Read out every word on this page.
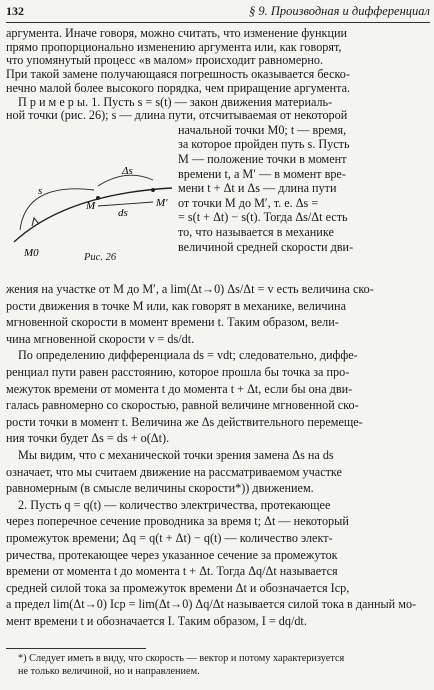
132	§ 9. Производная и дифференциал
аргумента. Иначе говоря, можно считать, что изменение функции
прямо пропорционально изменению аргумента или, как говорят,
что упомянутый процесс «в малом» происходит равномерно.
При такой замене получающаяся погрешность оказывается беско-
нечно малой более высокого порядка, чем приращение аргумента.
П р и м е р ы. 1. Пусть s = s(t) — закон движения материаль-
Δs
ds
s
M	M′
M0	Рис. 26
ной точки (рис. 26); s — длина пути, отсчитываемая от некоторой
начальной точки M0; t — время,
за которое пройден путь s. Пусть
M — положение точки в момент
времени t, а M′ — в момент вре-
мени t + Δt и Δs — длина пути
от точки M до M′, т. е. Δs =
= s(t + Δt) − s(t). Тогда Δs/Δt есть
то, что называется в механике
величиной средней скорости дви-
жения на участке от M до M′, а lim(Δt→0) Δs/Δt = v есть величина ско-
рости движения в точке M или, как говорят в механике, величина
мгновенной скорости в момент времени t. Таким образом, вели-
чина мгновенной скорости v = ds/dt.
По определению дифференциала ds = vdt; следовательно, диффе-
ренциал пути равен расстоянию, которое прошла бы точка за про-
межуток времени от момента t до момента t + Δt, если бы она дви-
галась равномерно со скоростью, равной величине мгновенной ско-
рости точки в момент t. Величина же Δs действительного перемеще-
ния точки будет Δs = ds + o(Δt).
Мы видим, что с механической точки зрения замена Δs на ds
означает, что мы считаем движение на рассматриваемом участке
равномерным (в смысле величины скорости*)) движением.
2. Пусть q = q(t) — количество электричества, протекающее
через поперечное сечение проводника за время t; Δt — некоторый
промежуток времени; Δq = q(t + Δt) − q(t) — количество элект-
ричества, протекающее через указанное сечение за промежуток
времени от момента t до момента t + Δt. Тогда Δq/Δt называется
средней силой тока за промежуток времени Δt и обозначается Iср,
а предел lim(Δt→0) Iср = lim(Δt→0) Δq/Δt называется силой тока в данный мо-
мент времени t и обозначается I. Таким образом, I = dq/dt.
*) Следует иметь в виду, что скорость — вектор и потому характеризуется
не только величиной, но и направлением.
